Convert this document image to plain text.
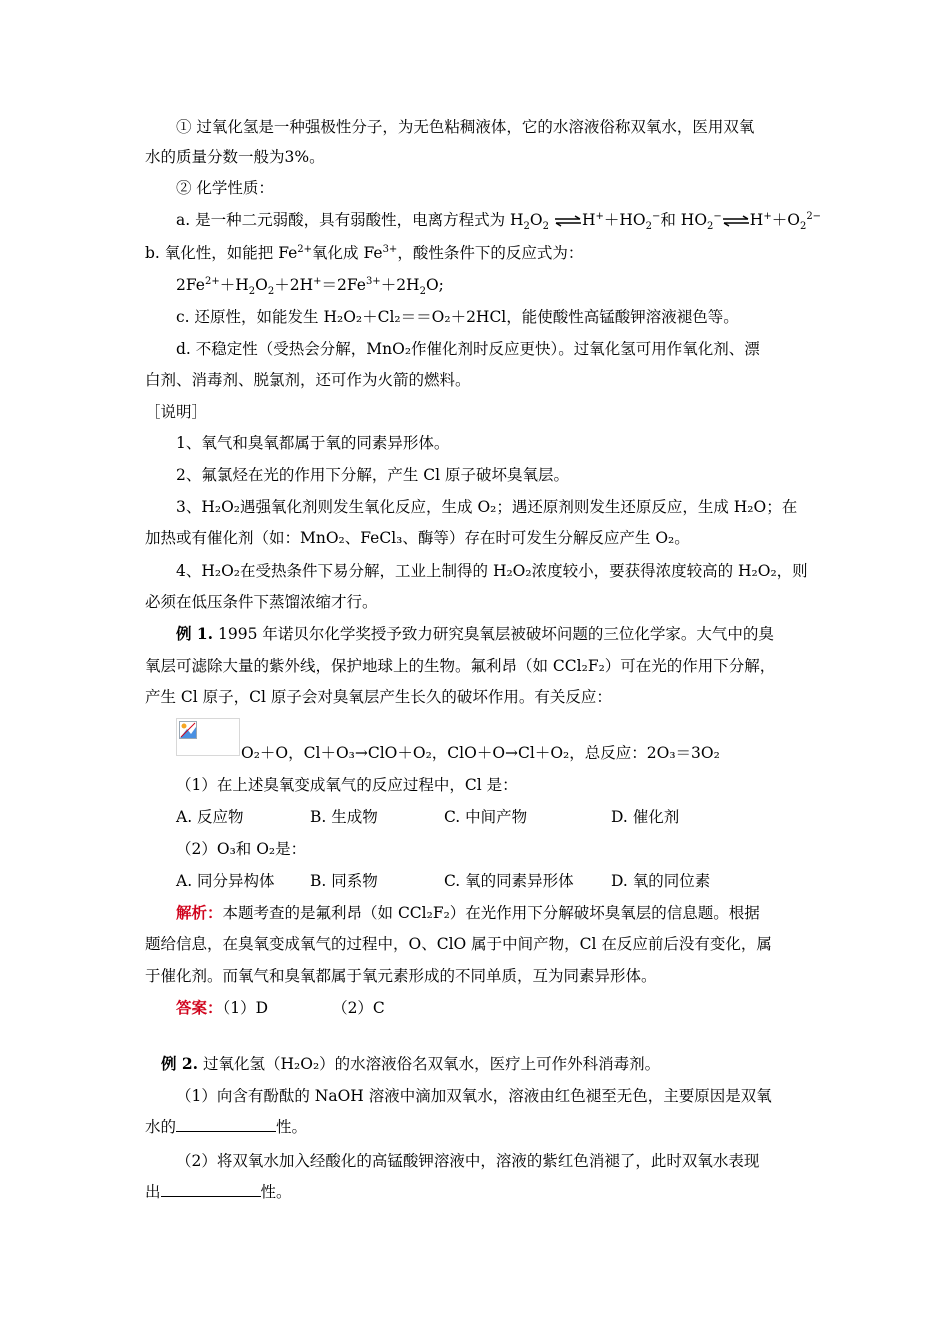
① 过氧化氢是一种强极性分子，为无色粘稠液体，它的水溶液俗称双氧水，医用双氧
水的质量分数一般为3%。
② 化学性质：
a. 是一种二元弱酸，具有弱酸性，电离方程式为 $H_2O_2$ $\rightleftharpoons H^++HO_2^-$和 $HO_2^-\rightleftharpoons H^++O_2^{2-}$
b. 氧化性，如能把 $Fe^{2+}$氧化成 $Fe^{3+}$，酸性条件下的反应式为：
$2Fe^{2+}+H_2O_2+2H^+=2Fe^{3+}+2H_2O$;
c. 还原性，如能发生 H₂O₂＋Cl₂＝＝O₂＋2HCl，能使酸性高锰酸钾溶液褪色等。
d. 不稳定性（受热会分解，MnO₂作催化剂时反应更快）。过氧化氢可用作氧化剂、漂
白剂、消毒剂、脱氯剂，还可作为火箭的燃料。
［说明］
1、氧气和臭氧都属于氧的同素异形体。
2、氟氯烃在光的作用下分解，产生 Cl 原子破坏臭氧层。
3、H₂O₂遇强氧化剂则发生氧化反应，生成 O₂；遇还原剂则发生还原反应，生成 H₂O；在
加热或有催化剂（如：MnO₂、FeCl₃、酶等）存在时可发生分解反应产生 O₂。
4、H₂O₂在受热条件下易分解，工业上制得的 H₂O₂浓度较小，要获得浓度较高的 H₂O₂，则
必须在低压条件下蒸馏浓缩才行。
例 1. 1995 年诺贝尔化学奖授予致力研究臭氧层被破坏问题的三位化学家。大气中的臭
氧层可滤除大量的紫外线，保护地球上的生物。氟利昂（如 CCl₂F₂）可在光的作用下分解，
产生 Cl 原子，Cl 原子会对臭氧层产生长久的破坏作用。有关反应：
O₂＋O，Cl＋O₃→ClO＋O₂，ClO＋O→Cl＋O₂，总反应：2O₃＝3O₂
（1）在上述臭氧变成氧气的反应过程中，Cl 是：
A. 反应物	B. 生成物	C. 中间产物	D. 催化剂
（2）O₃和 O₂是：
A. 同分异构体 B. 同系物	C. 氧的同素异形体 D. 氧的同位素
解析：本题考查的是氟利昂（如 CCl₂F₂）在光作用下分解破坏臭氧层的信息题。根据
题给信息，在臭氧变成氧气的过程中，O、ClO 属于中间产物，Cl 在反应前后没有变化，属
于催化剂。而氧气和臭氧都属于氧元素形成的不同单质，互为同素异形体。
答案：（1）D	（2）C
例 2. 过氧化氢（H₂O₂）的水溶液俗名双氧水，医疗上可作外科消毒剂。
（1）向含有酚酞的 NaOH 溶液中滴加双氧水，溶液由红色褪至无色，主要原因是双氧
水的	性。
（2）将双氧水加入经酸化的高锰酸钾溶液中，溶液的紫红色消褪了，此时双氧水表现
出	性。
